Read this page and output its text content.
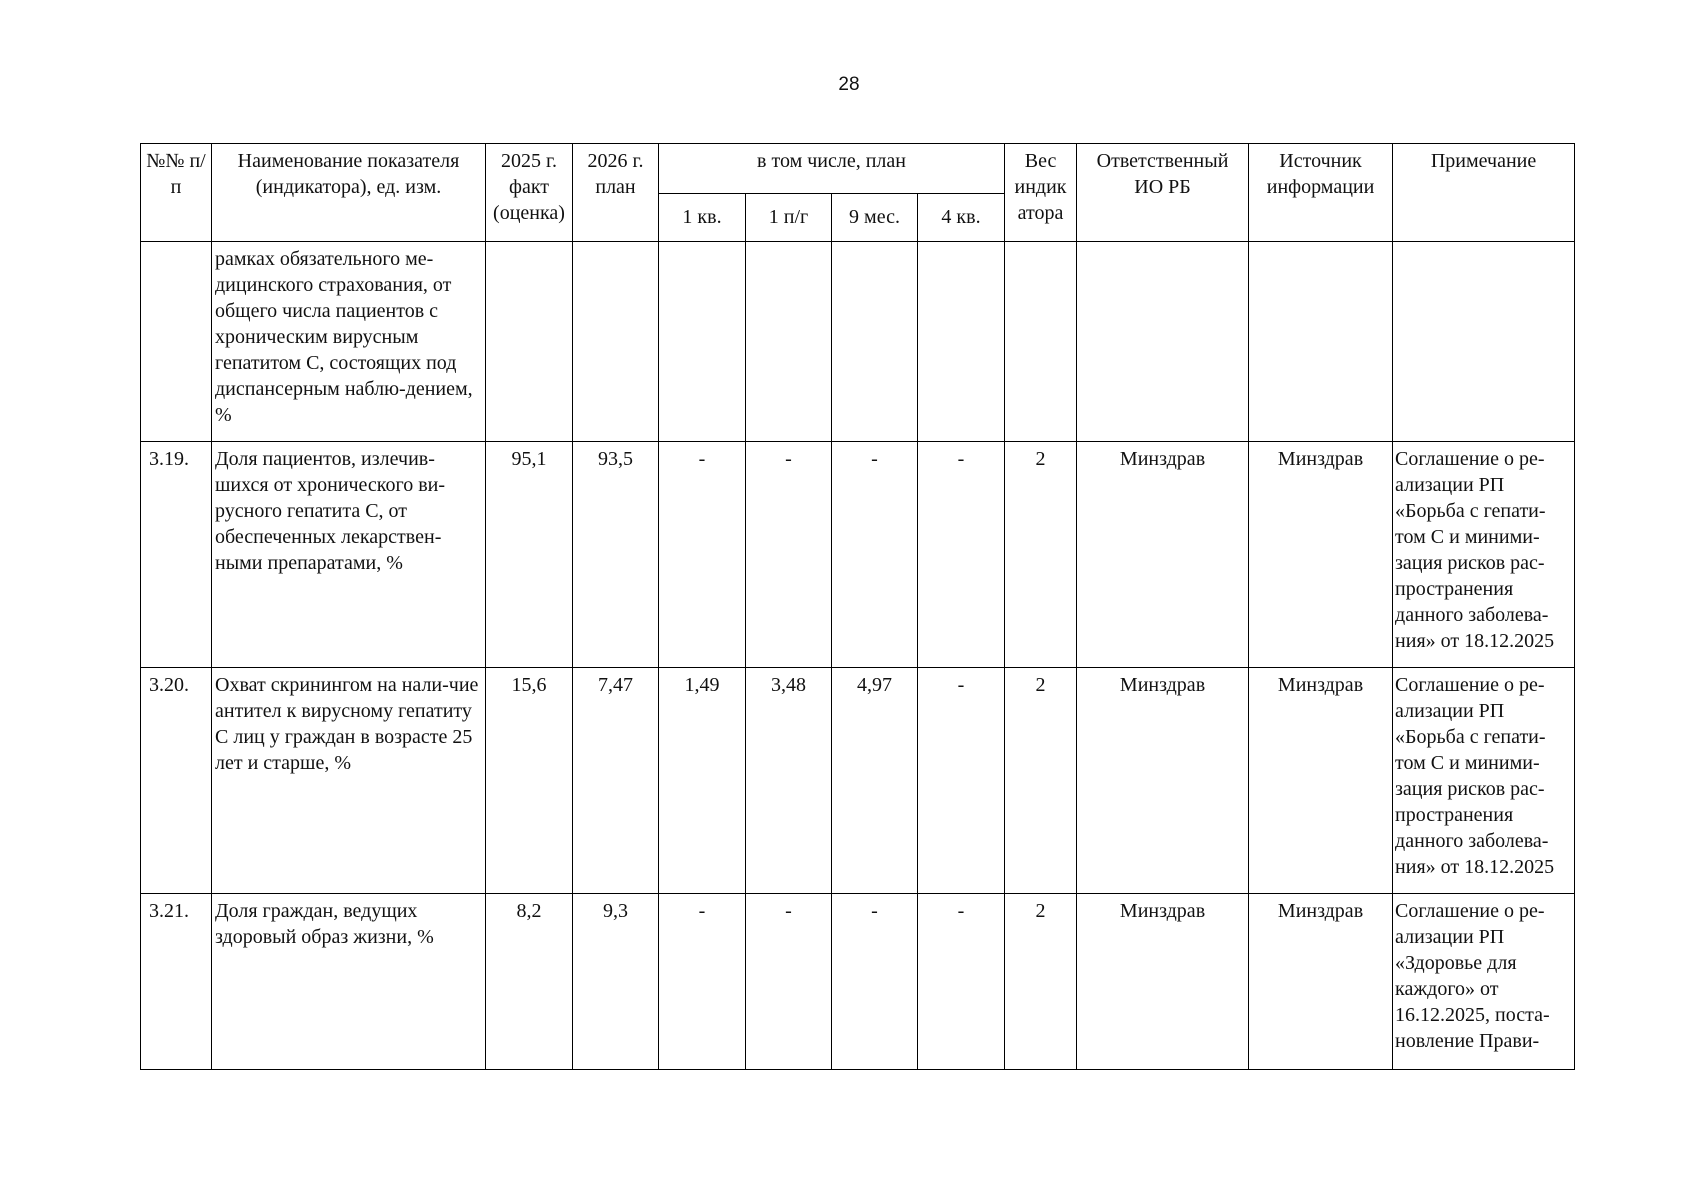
28
№№ п/п	Наименование показателя (индикатора), ед. изм.	2025 г. факт (оценка)	2026 г. план	в том числе, план				Вес индик атора	Ответственный ИО РБ	Источник информации	Примечание
				1 кв.	1 п/г	9 мес.	4 кв.				
	рамках обязательного ме-дицинского страхования, от общего числа пациентов с хроническим вирусным гепатитом С, состоящих под диспансерным наблю-дением, %										
3.19.	Доля пациентов, излечив-шихся от хронического ви-русного гепатита С, от обеспеченных лекарствен-ными препаратами, %	95,1	93,5	-	-	-	-	2	Минздрав	Минздрав	Соглашение о ре-ализации РП «Борьба с гепати-том С и миними-зация рисков рас-пространения данного заболева-ния» от 18.12.2025
3.20.	Охват скринингом на нали-чие антител к вирусному гепатиту С лиц у граждан в возрасте 25 лет и старше, %	15,6	7,47	1,49	3,48	4,97	-	2	Минздрав	Минздрав	Соглашение о ре-ализации РП «Борьба с гепати-том С и миними-зация рисков рас-пространения данного заболева-ния» от 18.12.2025
3.21.	Доля граждан, ведущих здоровый образ жизни, %	8,2	9,3	-	-	-	-	2	Минздрав	Минздрав	Соглашение о ре-ализации РП «Здоровье для каждого» от 16.12.2025, поста-новление Прави-
